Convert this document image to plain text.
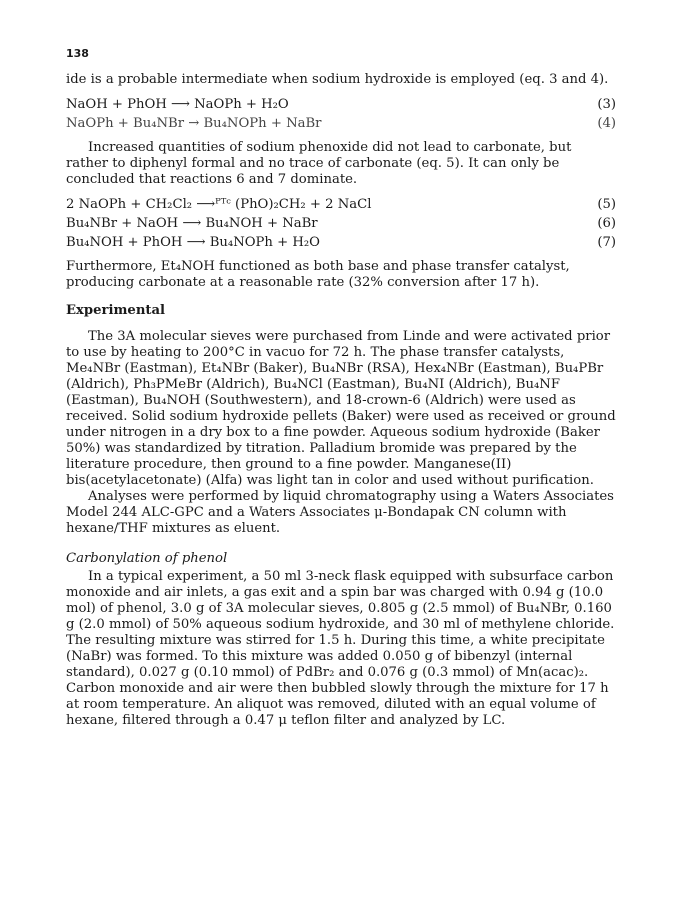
138

ide is a probable intermediate when sodium hydroxide is employed (eq. 3 and 4).

NaOH + PhOH ⟶ NaOPh + H₂O	(3)
NaOPh + Bu₄NBr → Bu₄NOPh + NaBr	(4)

Increased quantities of sodium phenoxide did not lead to carbonate, but rather to diphenyl formal and no trace of carbonate (eq. 5). It can only be concluded that reactions 6 and 7 dominate.

2 NaOPh + CH₂Cl₂ ⟶ᴾᵀᶜ (PhO)₂CH₂ + 2 NaCl	(5)
Bu₄NBr + NaOH ⟶ Bu₄NOH + NaBr	(6)
Bu₄NOH + PhOH ⟶ Bu₄NOPh + H₂O	(7)

Furthermore, Et₄NOH functioned as both base and phase transfer catalyst, producing carbonate at a reasonable rate (32% conversion after 17 h).

Experimental

The 3A molecular sieves were purchased from Linde and were activated prior to use by heating to 200°C in vacuo for 72 h. The phase transfer catalysts, Me₄NBr (Eastman), Et₄NBr (Baker), Bu₄NBr (RSA), Hex₄NBr (Eastman), Bu₄PBr (Aldrich), Ph₃PMeBr (Aldrich), Bu₄NCl (Eastman), Bu₄NI (Aldrich), Bu₄NF (Eastman), Bu₄NOH (Southwestern), and 18-crown-6 (Aldrich) were used as received. Solid sodium hydroxide pellets (Baker) were used as received or ground under nitrogen in a dry box to a fine powder. Aqueous sodium hydroxide (Baker 50%) was standardized by titration. Palladium bromide was prepared by the literature procedure, then ground to a fine powder. Manganese(II) bis(acetylacetonate) (Alfa) was light tan in color and used without purification.

Analyses were performed by liquid chromatography using a Waters Associates Model 244 ALC-GPC and a Waters Associates μ-Bondapak CN column with hexane/THF mixtures as eluent.

Carbonylation of phenol

In a typical experiment, a 50 ml 3-neck flask equipped with subsurface carbon monoxide and air inlets, a gas exit and a spin bar was charged with 0.94 g (10.0 mol) of phenol, 3.0 g of 3A molecular sieves, 0.805 g (2.5 mmol) of Bu₄NBr, 0.160 g (2.0 mmol) of 50% aqueous sodium hydroxide, and 30 ml of methylene chloride. The resulting mixture was stirred for 1.5 h. During this time, a white precipitate (NaBr) was formed. To this mixture was added 0.050 g of bibenzyl (internal standard), 0.027 g (0.10 mmol) of PdBr₂ and 0.076 g (0.3 mmol) of Mn(acac)₂. Carbon monoxide and air were then bubbled slowly through the mixture for 17 h at room temperature. An aliquot was removed, diluted with an equal volume of hexane, filtered through a 0.47 μ teflon filter and analyzed by LC.
